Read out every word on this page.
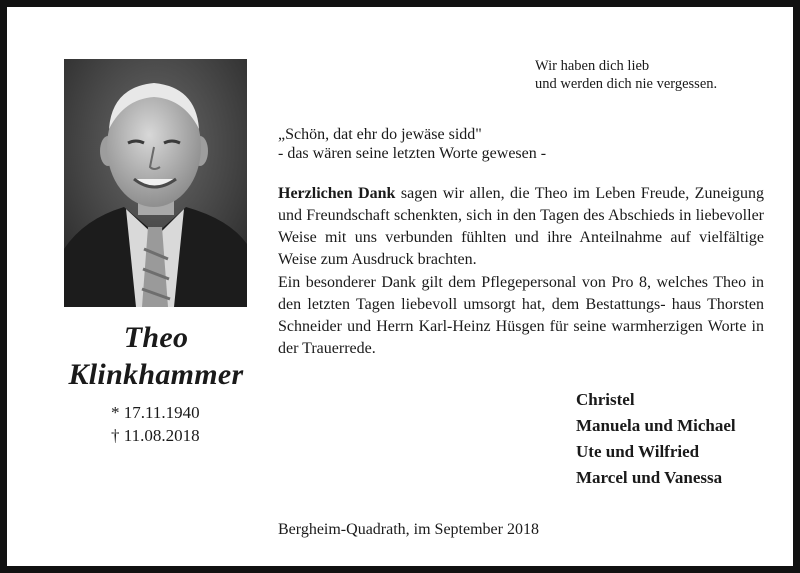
Theo
Klinkhammer
* 17.11.1940
† 11.08.2018
Wir haben dich lieb
und werden dich nie vergessen.
„Schön, dat ehr do jewäse sidd"
- das wären seine letzten Worte gewesen -

Herzlichen Dank sagen wir allen, die Theo im Leben Freude, Zuneigung und Freundschaft schenkten, sich in den Tagen des Abschieds in liebevoller Weise mit uns verbunden fühlten und ihre Anteilnahme auf vielfältige Weise zum Ausdruck brachten.

Ein besonderer Dank gilt dem Pflegepersonal von Pro 8, welches Theo in den letzten Tagen liebevoll umsorgt hat, dem Bestattungs- haus Thorsten Schneider und Herrn Karl-Heinz Hüsgen für seine warmherzigen Worte in der Trauerrede.

Christel
Manuela und Michael
Ute und Wilfried
Marcel und Vanessa
Bergheim-Quadrath, im September 2018
